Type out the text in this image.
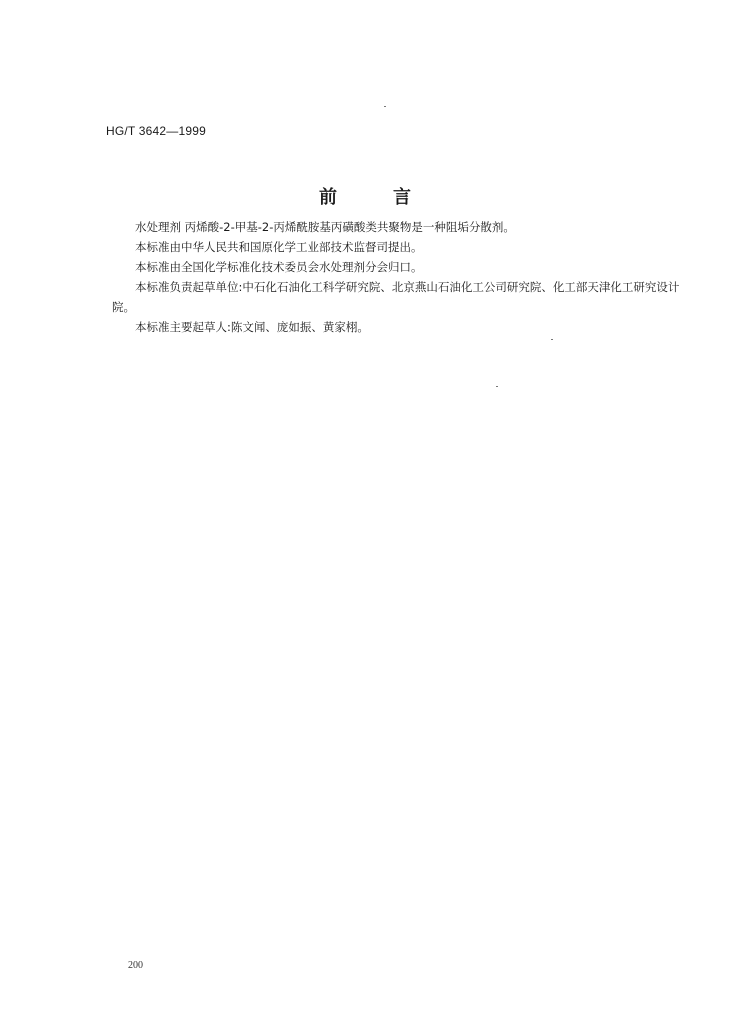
HG/T 3642—1999
前	言

水处理剂 丙烯酸-2-甲基-2-丙烯酰胺基丙磺酸类共聚物是一种阻垢分散剂。

本标准由中华人民共和国原化学工业部技术监督司提出。

本标准由全国化学标准化技术委员会水处理剂分会归口。

本标准负责起草单位:中石化石油化工科学研究院、北京燕山石油化工公司研究院、化工部天津化工研究设计院。

本标准主要起草人:陈文闻、庞如振、黄家栩。

200
